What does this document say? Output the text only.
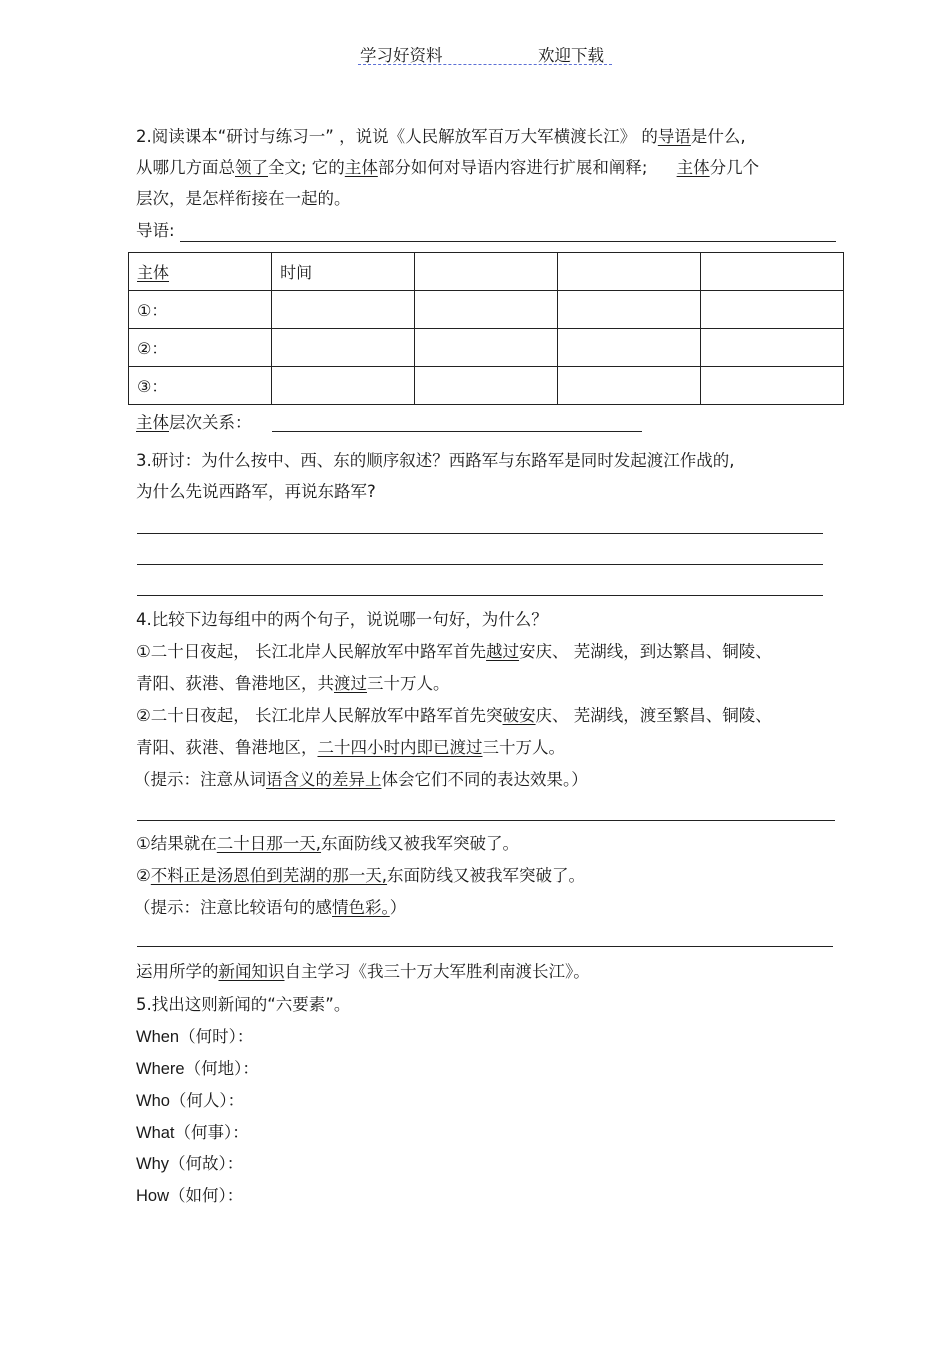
学习好资料	欢迎下载
2.阅读课本“研讨与练习一” ，说说《人民解放军百万大军横渡长江》 的导语是什么,
从哪几方面总领了全文; 它的主体部分如何对导语内容进行扩展和阐释; 主体分几个
层次，是怎样衔接在一起的。
导语:
主体	时间			
①：				
②：				
③：				
主体层次关系：
3.研讨：为什么按中、西、东的顺序叙述？西路军与东路军是同时发起渡江作战的,
为什么先说西路军，再说东路军?
4.比较下边每组中的两个句子，说说哪一句好，为什么？
①二十日夜起， 长江北岸人民解放军中路军首先越过安庆、 芜湖线，到达繁昌、铜陵、
青阳、荻港、鲁港地区，共渡过三十万人。
②二十日夜起， 长江北岸人民解放军中路军首先突破安庆、 芜湖线，渡至繁昌、铜陵、
青阳、荻港、鲁港地区，二十四小时内即已渡过三十万人。
（提示：注意从词语含义的差异上体会它们不同的表达效果。）
①结果就在二十日那一天,东面防线又被我军突破了。
②不料正是汤恩伯到芜湖的那一天,东面防线又被我军突破了。
（提示：注意比较语句的感情色彩。）
运用所学的新闻知识自主学习《我三十万大军胜利南渡长江》。
5.找出这则新闻的“六要素”。
When（何时）：
Where（何地）：
Who（何人）：
What（何事）：
Why（何故）：
How（如何）：
